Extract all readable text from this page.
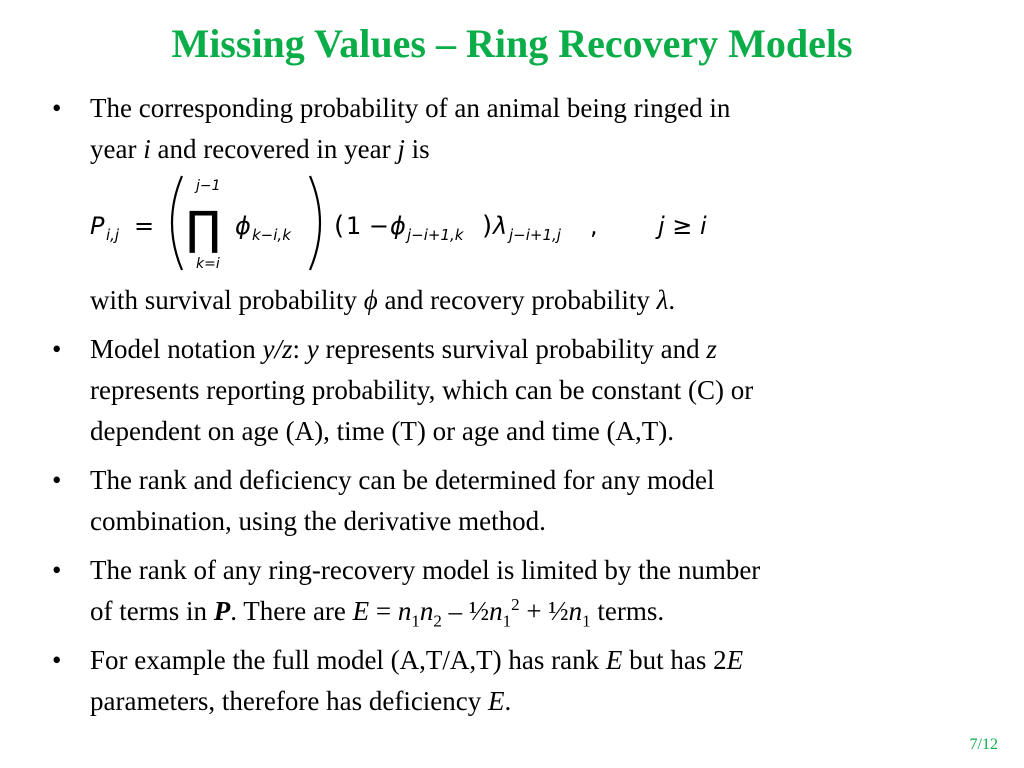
Missing Values – Ring Recovery Models
• The corresponding probability of an animal being ringed in
year i and recovered in year j is
P i,j =
j−1
∏
k=i
ϕ k−i,k ( 1 − ϕ j−i+1,k ) λ j−i+1,j ,	j ≥ i
with survival probability ϕ and recovery probability λ.
• Model notation y/z: y represents survival probability and z
represents reporting probability, which can be constant (C) or
dependent on age (A), time (T) or age and time (A,T).
• The rank and deficiency can be determined for any model
combination, using the derivative method.
• The rank of any ring-recovery model is limited by the number
of terms in P. There are $E = n_1n_2$ – $\frac{1}{2}n_1^2$ + $\frac{1}{2}n_1$ terms.
• For example the full model (A,T/A,T) has rank E but has 2E
parameters, therefore has deficiency E.
7/12
